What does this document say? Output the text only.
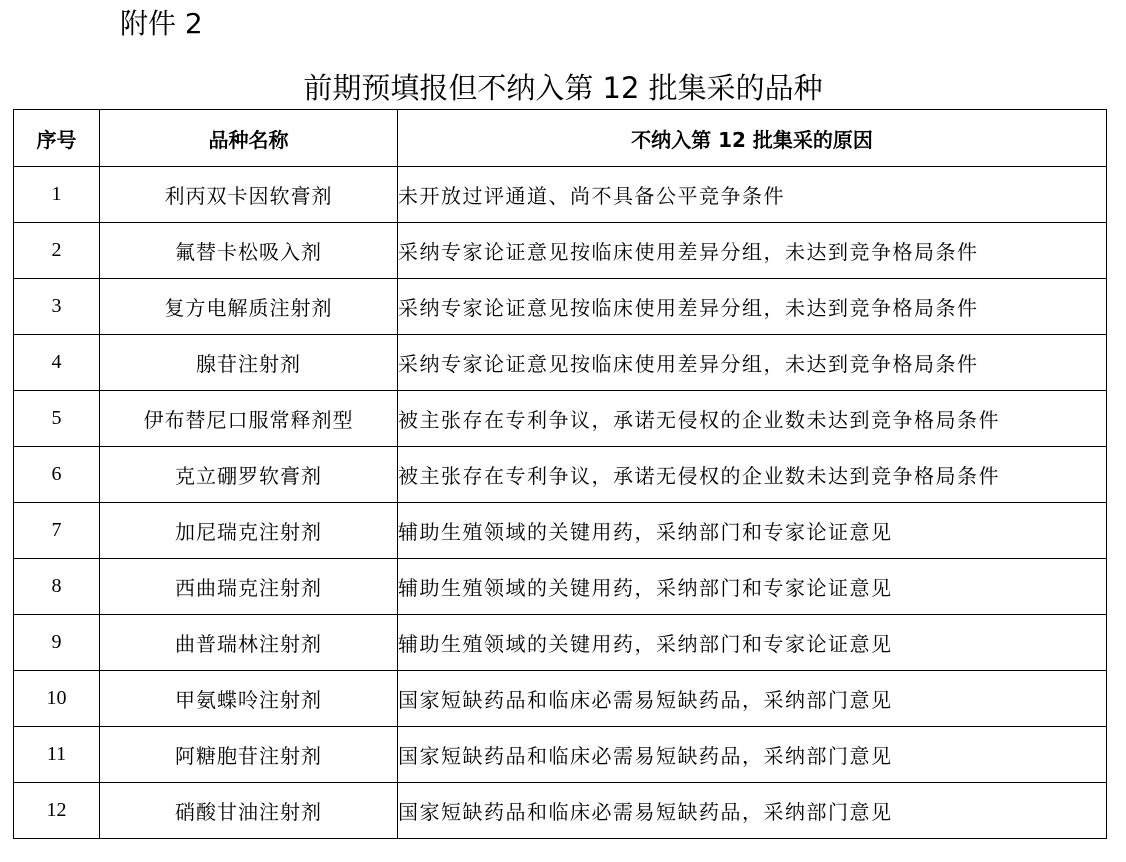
附件 2
前期预填报但不纳入第 12 批集采的品种
序号	品种名称	不纳入第 12 批集采的原因
1	利丙双卡因软膏剂	未开放过评通道、尚不具备公平竞争条件
2	氟替卡松吸入剂	采纳专家论证意见按临床使用差异分组，未达到竞争格局条件
3	复方电解质注射剂	采纳专家论证意见按临床使用差异分组，未达到竞争格局条件
4	腺苷注射剂	采纳专家论证意见按临床使用差异分组，未达到竞争格局条件
5	伊布替尼口服常释剂型	被主张存在专利争议，承诺无侵权的企业数未达到竞争格局条件
6	克立硼罗软膏剂	被主张存在专利争议，承诺无侵权的企业数未达到竞争格局条件
7	加尼瑞克注射剂	辅助生殖领域的关键用药，采纳部门和专家论证意见
8	西曲瑞克注射剂	辅助生殖领域的关键用药，采纳部门和专家论证意见
9	曲普瑞林注射剂	辅助生殖领域的关键用药，采纳部门和专家论证意见
10	甲氨蝶呤注射剂	国家短缺药品和临床必需易短缺药品，采纳部门意见
11	阿糖胞苷注射剂	国家短缺药品和临床必需易短缺药品，采纳部门意见
12	硝酸甘油注射剂	国家短缺药品和临床必需易短缺药品，采纳部门意见
